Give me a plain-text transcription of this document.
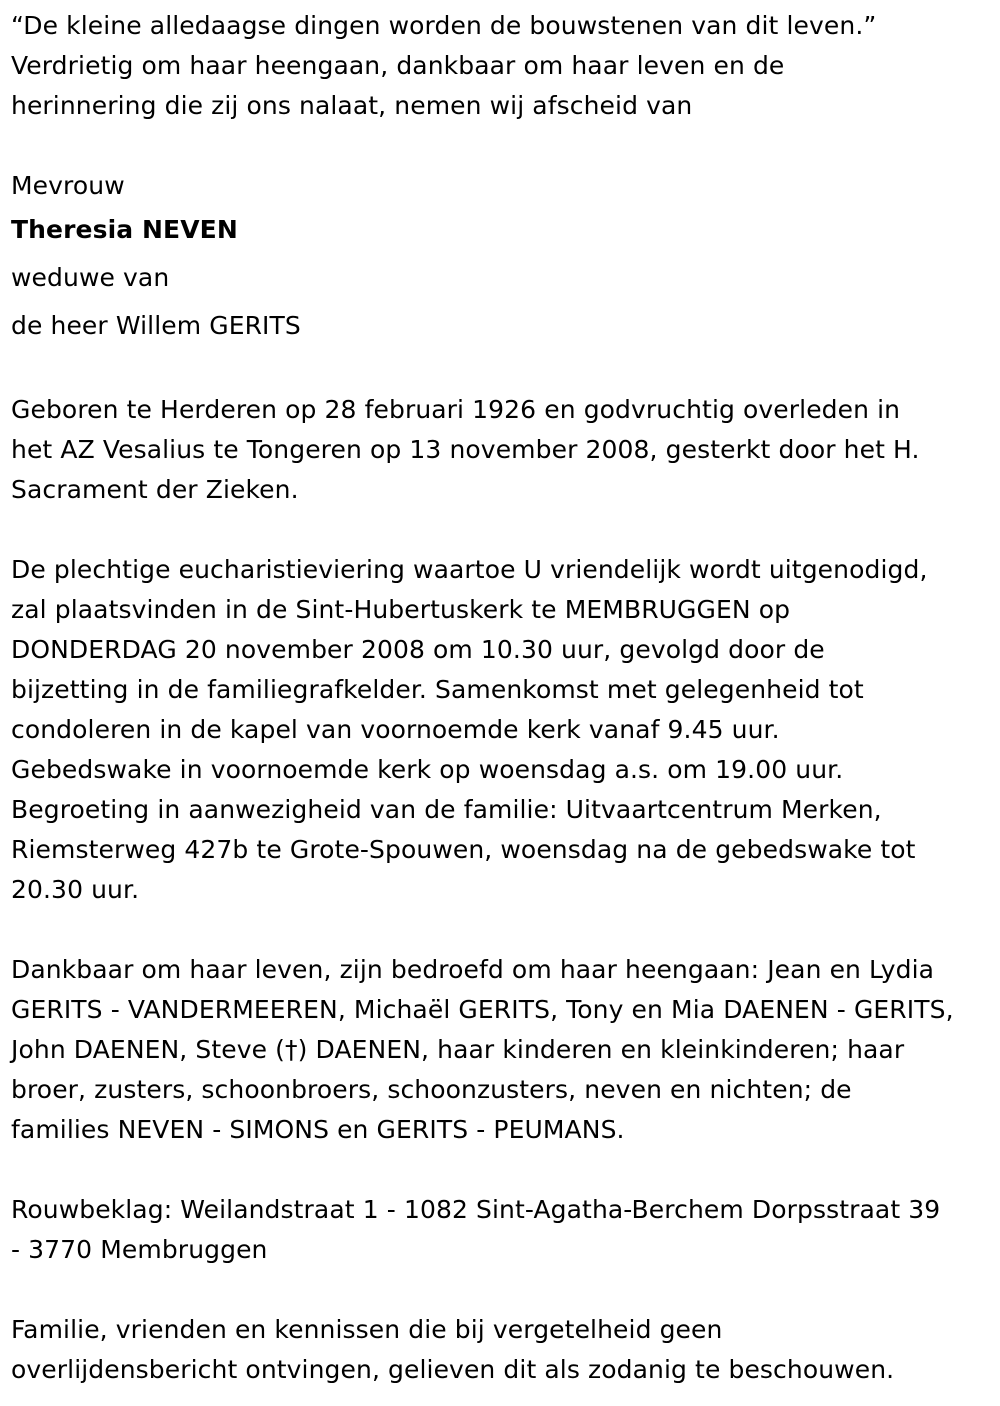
“De kleine alledaagse dingen worden de bouwstenen van dit leven.”
Verdrietig om haar heengaan, dankbaar om haar leven en de
herinnering die zij ons nalaat, nemen wij afscheid van

Mevrouw
Theresia NEVEN
weduwe van
de heer Willem GERITS

Geboren te Herderen op 28 februari 1926 en godvruchtig overleden in
het AZ Vesalius te Tongeren op 13 november 2008, gesterkt door het H.
Sacrament der Zieken.

De plechtige eucharistieviering waartoe U vriendelijk wordt uitgenodigd,
zal plaatsvinden in de Sint-Hubertuskerk te MEMBRUGGEN op
DONDERDAG 20 november 2008 om 10.30 uur, gevolgd door de
bijzetting in de familiegrafkelder. Samenkomst met gelegenheid tot
condoleren in de kapel van voornoemde kerk vanaf 9.45 uur.
Gebedswake in voornoemde kerk op woensdag a.s. om 19.00 uur.
Begroeting in aanwezigheid van de familie: Uitvaartcentrum Merken,
Riemsterweg 427b te Grote-Spouwen, woensdag na de gebedswake tot
20.30 uur.

Dankbaar om haar leven, zijn bedroefd om haar heengaan: Jean en Lydia
GERITS - VANDERMEEREN, Michaël GERITS, Tony en Mia DAENEN - GERITS,
John DAENEN, Steve (†) DAENEN, haar kinderen en kleinkinderen; haar
broer, zusters, schoonbroers, schoonzusters, neven en nichten; de
families NEVEN - SIMONS en GERITS - PEUMANS.

Rouwbeklag: Weilandstraat 1 - 1082 Sint-Agatha-Berchem Dorpsstraat 39
- 3770 Membruggen

Familie, vrienden en kennissen die bij vergetelheid geen
overlijdensbericht ontvingen, gelieven dit als zodanig te beschouwen.
